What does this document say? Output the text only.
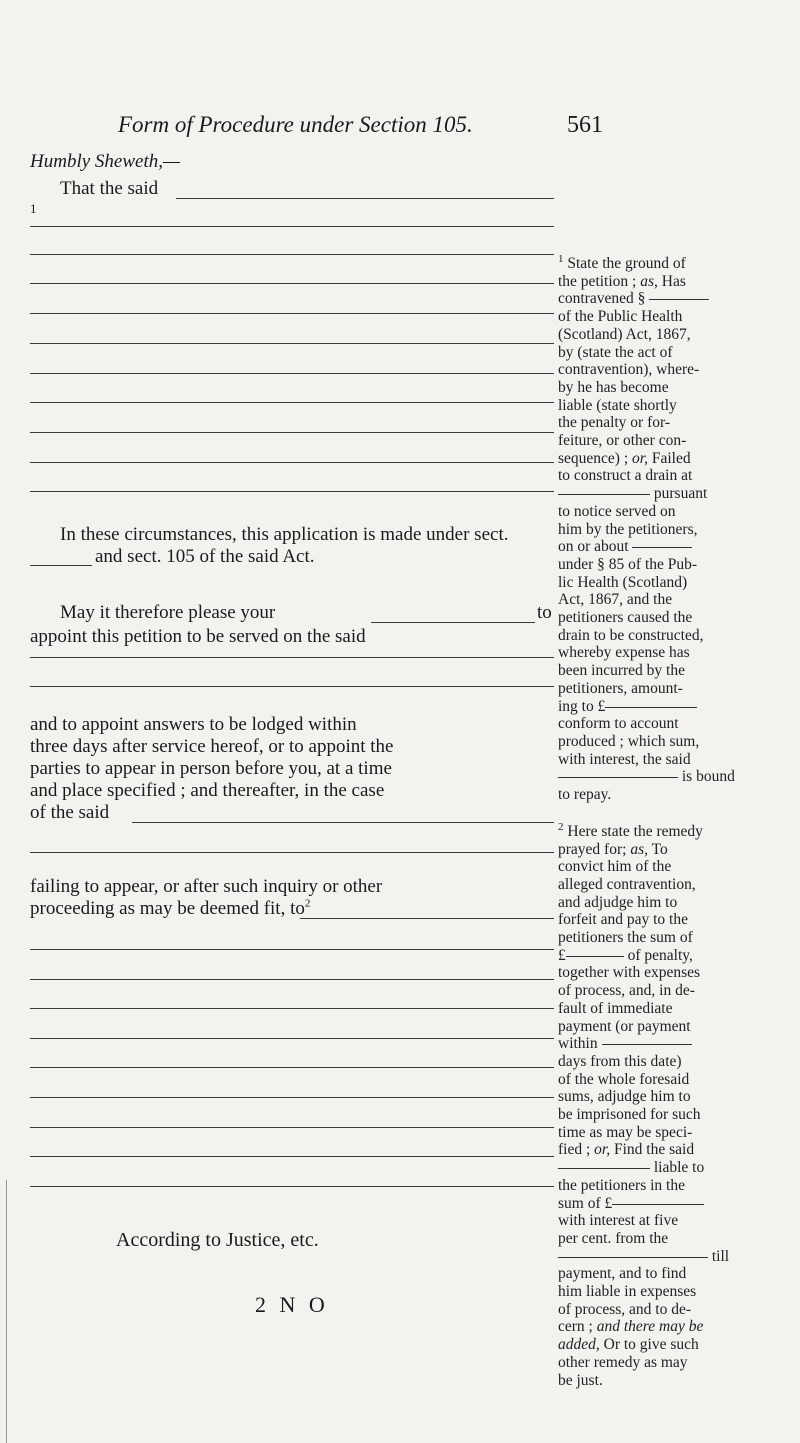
Form of Procedure under Section 105.	561
Humbly Sheweth,—
That the said
1
In these circumstances, this application is made under sect.
and sect. 105 of the said Act.
May it therefore please your	to
appoint this petition to be served on the said
and to appoint answers to be lodged within
three days after service hereof, or to appoint the
parties to appear in person before you, at a time
and place specified ; and thereafter, in the case
of the said
failing to appear, or after such inquiry or other
proceeding as may be deemed fit, $to^2$
According to Justice, etc.
2 N O

$^1$ State the ground of

the petition ; as, Has

contravened §

of the Public Health

(Scotland) Act, 1867,

by (state the act of

contravention), where-

by he has become

liable (state shortly

the penalty or for-

feiture, or other con-

sequence) ; or, Failed

to construct a drain at

pursuant

to notice served on

him by the petitioners,

on or about

under § 85 of the Pub-

lic Health (Scotland)

Act, 1867, and the

petitioners caused the

drain to be constructed,

whereby expense has

been incurred by the

petitioners, amount-

ing to £

conform to account

produced ; which sum,

with interest, the said

is bound

to repay.

$^2$ Here state the remedy

prayed for; as, To

convict him of the

alleged contravention,

and adjudge him to

forfeit and pay to the

petitioners the sum of

£	of penalty,

together with expenses

of process, and, in de-

fault of immediate

payment (or payment

within

days from this date)

of the whole foresaid

sums, adjudge him to

be imprisoned for such

time as may be speci-

fied ; or, Find the said

liable to

the petitioners in the

sum of £

with interest at five

per cent. from the

till

payment, and to find

him liable in expenses

of process, and to de-

cern ; and there may be

added, Or to give such

other remedy as may

be just.
